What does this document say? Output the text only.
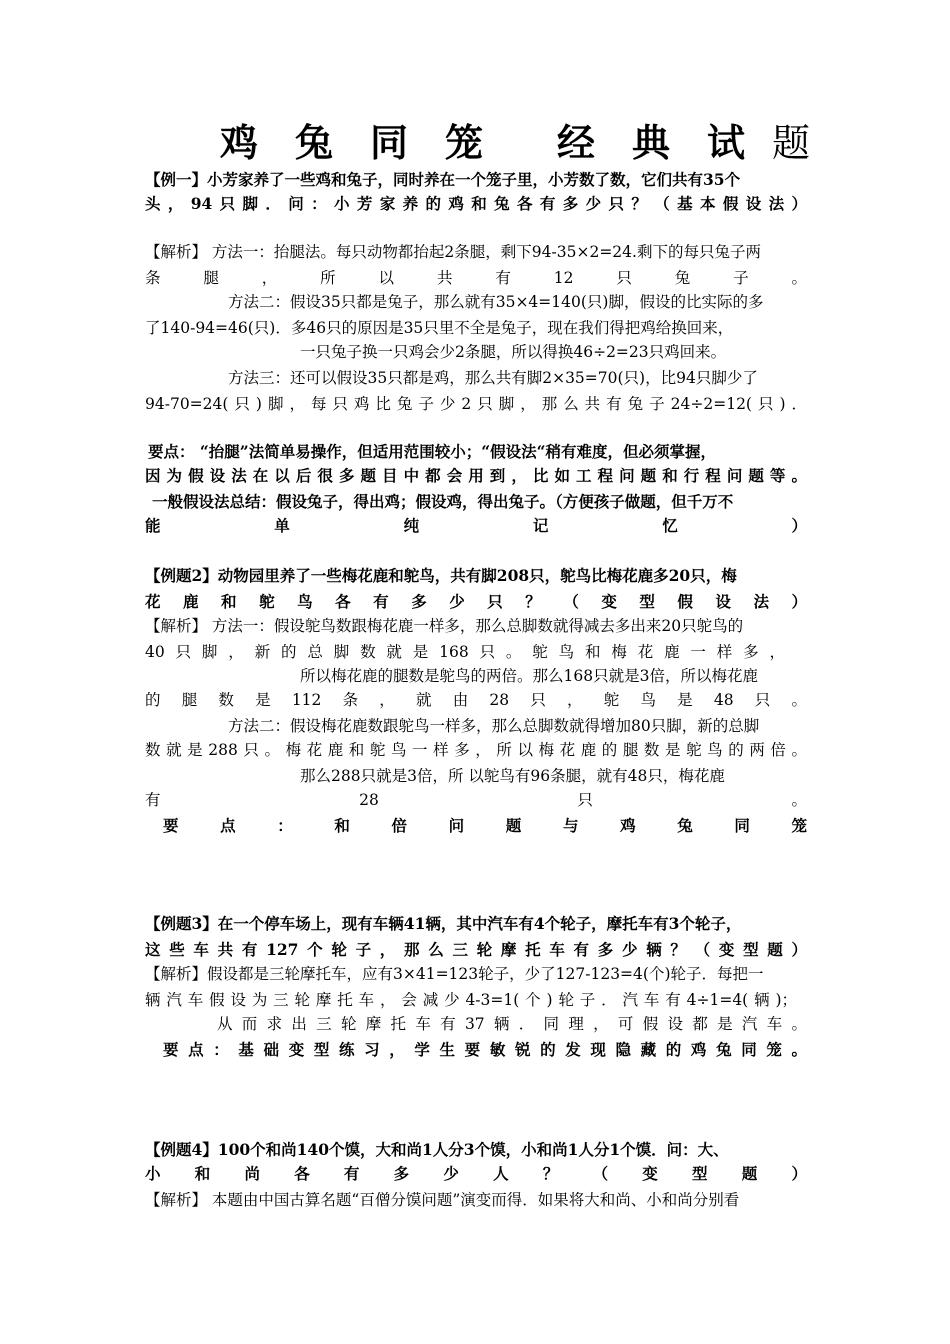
鸡 兔 同 笼 经 典 试 题
【例一】小芳家养了一些鸡和兔子，同时养在一个笼子里，小芳数了数，它们共有35个
头，94只脚．问：小芳家养的鸡和兔各有多少只？（基本假设法）
【解析】 方法一：抬腿法。每只动物都抬起2条腿，剩下94-35×2=24.剩下的每只兔子两
条腿，所以共有12只兔子。
方法二：假设35只都是兔子，那么就有35×4=140(只)脚，假设的比实际的多
了140-94=46(只)．多46只的原因是35只里不全是兔子，现在我们得把鸡给换回来，
一只兔子换一只鸡会少2条腿，所以得换46÷2=23只鸡回来。
方法三：还可以假设35只都是鸡，那么共有脚2×35=70(只)，比94只脚少了
94-70=24(只)脚，每只鸡比兔子少2只脚，那么共有兔子24÷2=12(只)．
要点： “抬腿”法简单易操作，但适用范围较小；“假设法“稍有难度，但必须掌握，
因为假设法在以后很多题目中都会用到，比如工程问题和行程问题等。
一般假设法总结：假设兔子，得出鸡；假设鸡，得出兔子。（方便孩子做题，但千万不
能单纯记忆）
【例题2】动物园里养了一些梅花鹿和鸵鸟，共有脚208只，鸵鸟比梅花鹿多20只，梅
花鹿和鸵鸟各有多少只？（变型假设法）
【解析】 方法一：假设鸵鸟数跟梅花鹿一样多，那么总脚数就得减去多出来20只鸵鸟的
40只脚，新的总脚数就是168只。鸵鸟和梅花鹿一样多，
所以梅花鹿的腿数是鸵鸟的两倍。那么168只就是3倍，所以梅花鹿
的腿数是112条，就由28只，鸵鸟是48只。
方法二：假设梅花鹿数跟鸵鸟一样多，那么总脚数就得增加80只脚，新的总脚
数就是288只。梅花鹿和鸵鸟一样多，所以梅花鹿的腿数是鸵鸟的两倍。
那么288只就是3倍，所 以鸵鸟有96条腿，就有48只，梅花鹿
有28只。
要点：和倍问题与鸡兔同笼
【例题3】在一个停车场上，现有车辆41辆，其中汽车有4个轮子，摩托车有3个轮子，
这些车共有127个轮子，那么三轮摩托车有多少辆？（变型题）
【解析】假设都是三轮摩托车，应有3×41=123轮子，少了127-123=4(个)轮子．每把一
辆汽车假设为三轮摩托车，会减少4-3=1(个)轮子．汽车有4÷1=4(辆)；
从而求出三轮摩托车有37辆．同理，可假设都是汽车。
要点：基础变型练习，学生要敏锐的发现隐藏的鸡兔同笼。
【例题4】100个和尚140个馍，大和尚1人分3个馍，小和尚1人分1个馍．问：大、
小和尚各有多少人？（变型题）
【解析】 本题由中国古算名题“百僧分馍问题”演变而得．如果将大和尚、小和尚分别看
